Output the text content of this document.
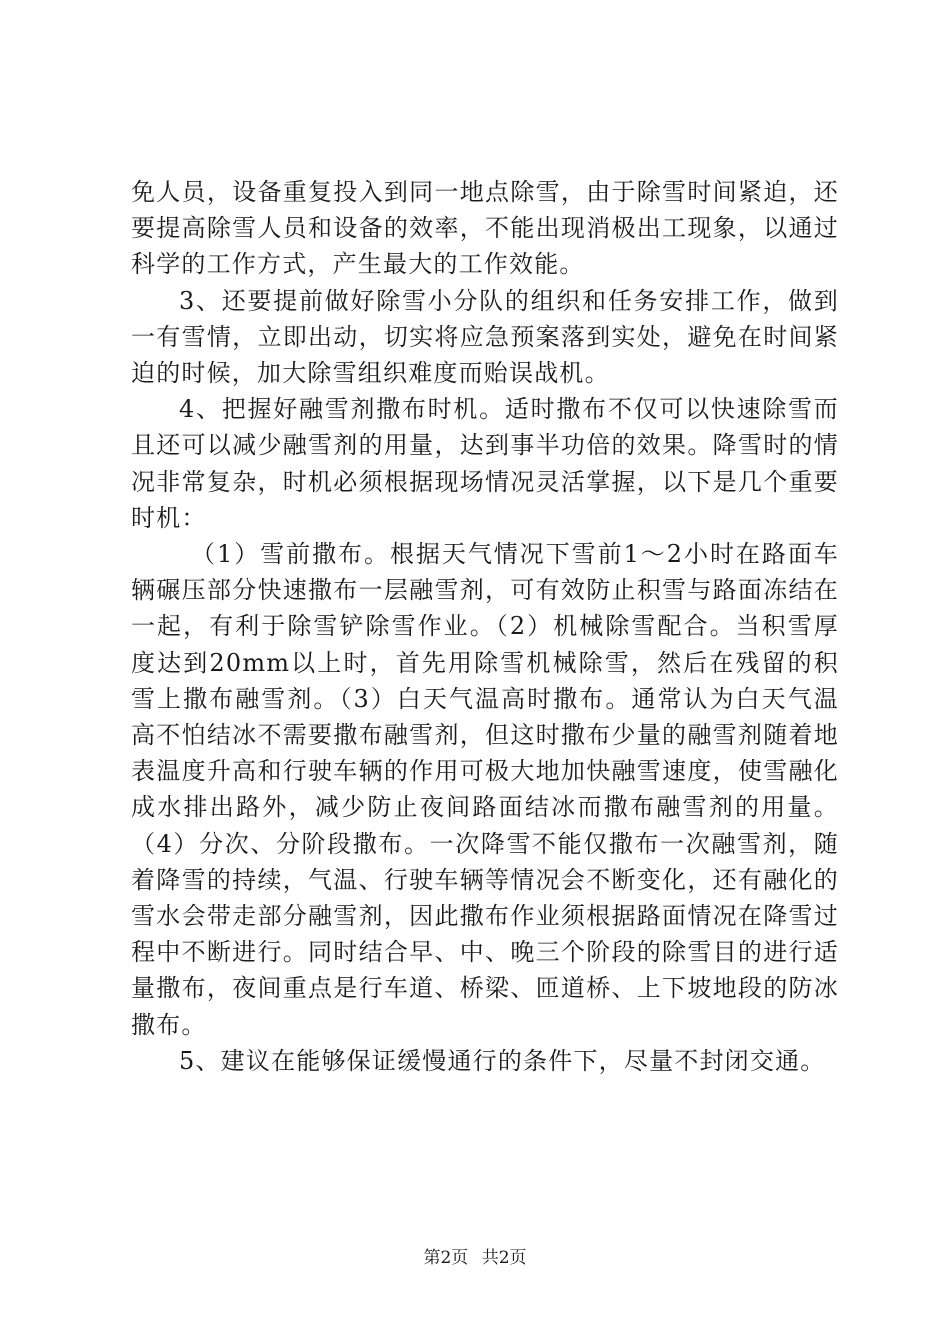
免人员，设备重复投入到同一地点除雪，由于除雪时间紧迫，还要提高除雪人员和设备的效率，不能出现消极出工现象，以通过科学的工作方式，产生最大的工作效能。

3、还要提前做好除雪小分队的组织和任务安排工作，做到一有雪情，立即出动，切实将应急预案落到实处，避免在时间紧迫的时候，加大除雪组织难度而贻误战机。

4、把握好融雪剂撒布时机。适时撒布不仅可以快速除雪而且还可以减少融雪剂的用量，达到事半功倍的效果。降雪时的情况非常复杂，时机必须根据现场情况灵活掌握，以下是几个重要时机：

（1）雪前撒布。根据天气情况下雪前1～2小时在路面车辆碾压部分快速撒布一层融雪剂，可有效防止积雪与路面冻结在一起，有利于除雪铲除雪作业。（2）机械除雪配合。当积雪厚度达到20mm以上时，首先用除雪机械除雪，然后在残留的积雪上撒布融雪剂。（3）白天气温高时撒布。通常认为白天气温高不怕结冰不需要撒布融雪剂，但这时撒布少量的融雪剂随着地表温度升高和行驶车辆的作用可极大地加快融雪速度，使雪融化成水排出路外，减少防止夜间路面结冰而撒布融雪剂的用量。（4）分次、分阶段撒布。一次降雪不能仅撒布一次融雪剂，随着降雪的持续，气温、行驶车辆等情况会不断变化，还有融化的雪水会带走部分融雪剂，因此撒布作业须根据路面情况在降雪过程中不断进行。同时结合早、中、晚三个阶段的除雪目的进行适量撒布，夜间重点是行车道、桥梁、匝道桥、上下坡地段的防冰撒布。

5、建议在能够保证缓慢通行的条件下，尽量不封闭交通。

第2页 共2页
